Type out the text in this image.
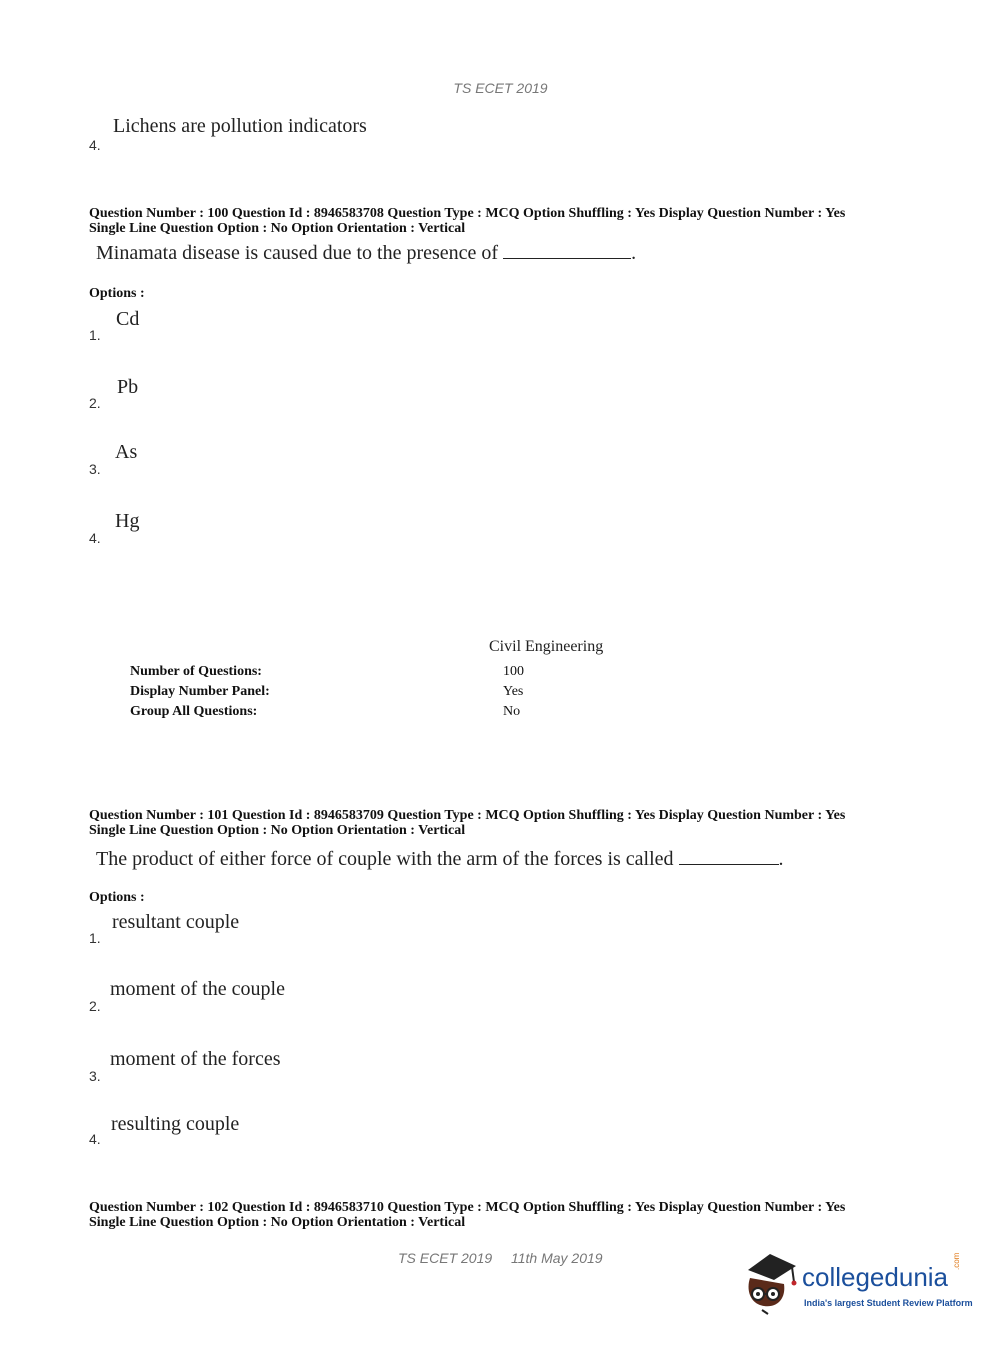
TS ECET 2019
Lichens are pollution indicators
4.
Question Number : 100 Question Id : 8946583708 Question Type : MCQ Option Shuffling : Yes Display Question Number : Yes
Single Line Question Option : No Option Orientation : Vertical
Minamata disease is caused due to the presence of	.
Options :
Cd
1.
Pb
2.
As
3.
Hg
4.
Civil Engineering
Number of Questions:	100
Display Number Panel:	Yes
Group All Questions:	No
Question Number : 101 Question Id : 8946583709 Question Type : MCQ Option Shuffling : Yes Display Question Number : Yes
Single Line Question Option : No Option Orientation : Vertical
The product of either force of couple with the arm of the forces is called	.
Options :
resultant couple
1.
moment of the couple
2.
moment of the forces
3.
resulting couple
4.
Question Number : 102 Question Id : 8946583710 Question Type : MCQ Option Shuffling : Yes Display Question Number : Yes
Single Line Question Option : No Option Orientation : Vertical
TS ECET 2019 11th May 2019
collegedunia
.com
India's largest Student Review Platform
